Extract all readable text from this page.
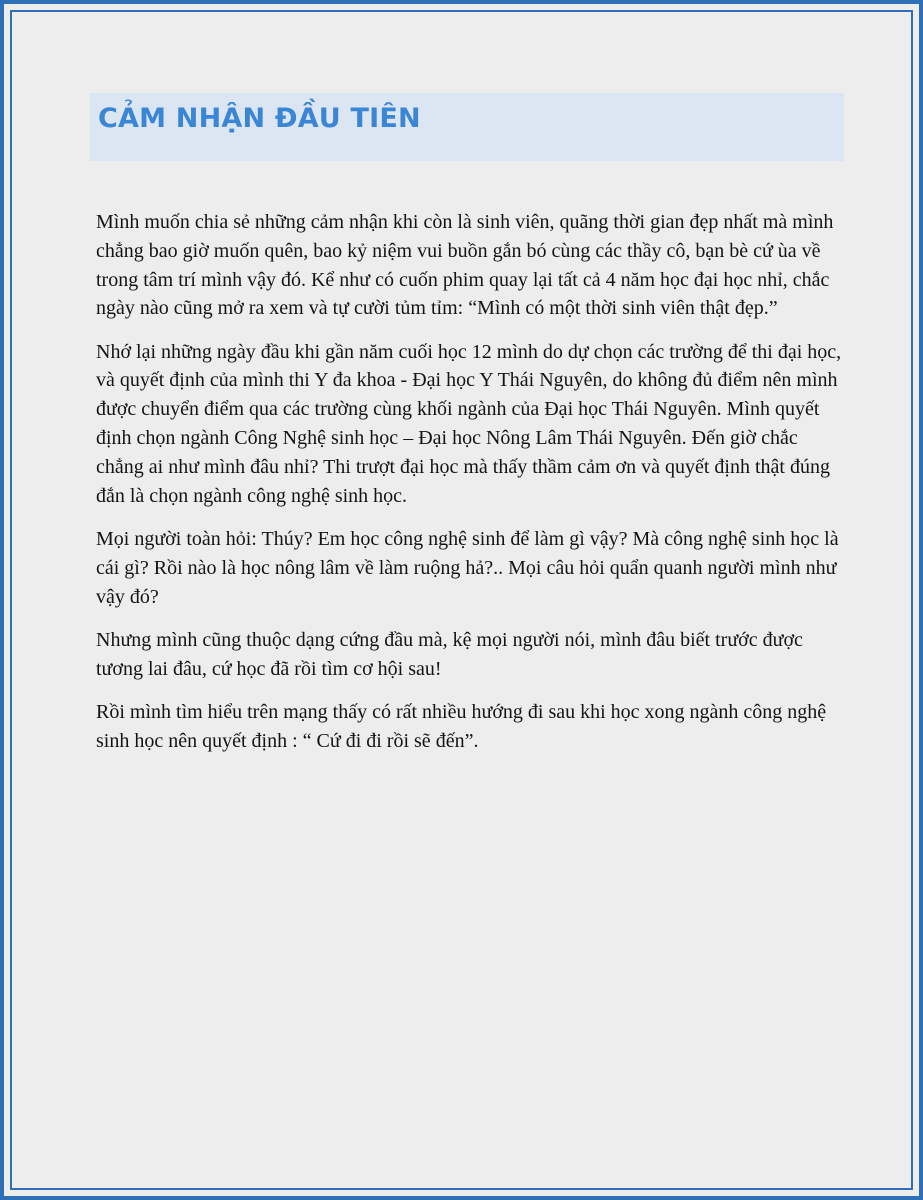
CẢM NHẬN ĐẦU TIÊN

Mình muốn chia sẻ những cảm nhận khi còn là sinh viên, quãng thời gian đẹp nhất mà mình chẳng bao giờ muốn quên, bao kỷ niệm vui buồn gắn bó cùng các thầy cô, bạn bè cứ ùa về trong tâm trí mình vậy đó. Kể như có cuốn phim quay lại tất cả 4 năm học đại học nhỉ, chắc ngày nào cũng mở ra xem và tự cười tủm tỉm: “Mình có một thời sinh viên thật đẹp.”

Nhớ lại những ngày đầu khi gần năm cuối học 12 mình do dự chọn các trường để thi đại học, và quyết định của mình thi Y đa khoa - Đại học Y Thái Nguyên, do không đủ điểm nên mình được chuyển điểm qua các trường cùng khối ngành của Đại học Thái Nguyên. Mình quyết định chọn ngành Công Nghệ sinh học – Đại học Nông Lâm Thái Nguyên. Đến giờ chắc chẳng ai như mình đâu nhỉ? Thi trượt đại học mà thấy thầm cảm ơn và quyết định thật đúng đắn là chọn ngành công nghệ sinh học.

Mọi người toàn hỏi: Thúy? Em học công nghệ sinh để làm gì vậy? Mà công nghệ sinh học là cái gì? Rồi nào là học nông lâm về làm ruộng hả?.. Mọi câu hỏi quẩn quanh người mình như vậy đó?

Nhưng mình cũng thuộc dạng cứng đầu mà, kệ mọi người nói, mình đâu biết trước được tương lai đâu, cứ học đã rồi tìm cơ hội sau!

Rồi mình tìm hiểu trên mạng thấy có rất nhiều hướng đi sau khi học xong ngành công nghệ sinh học nên quyết định : “ Cứ đi đi rồi sẽ đến”.
